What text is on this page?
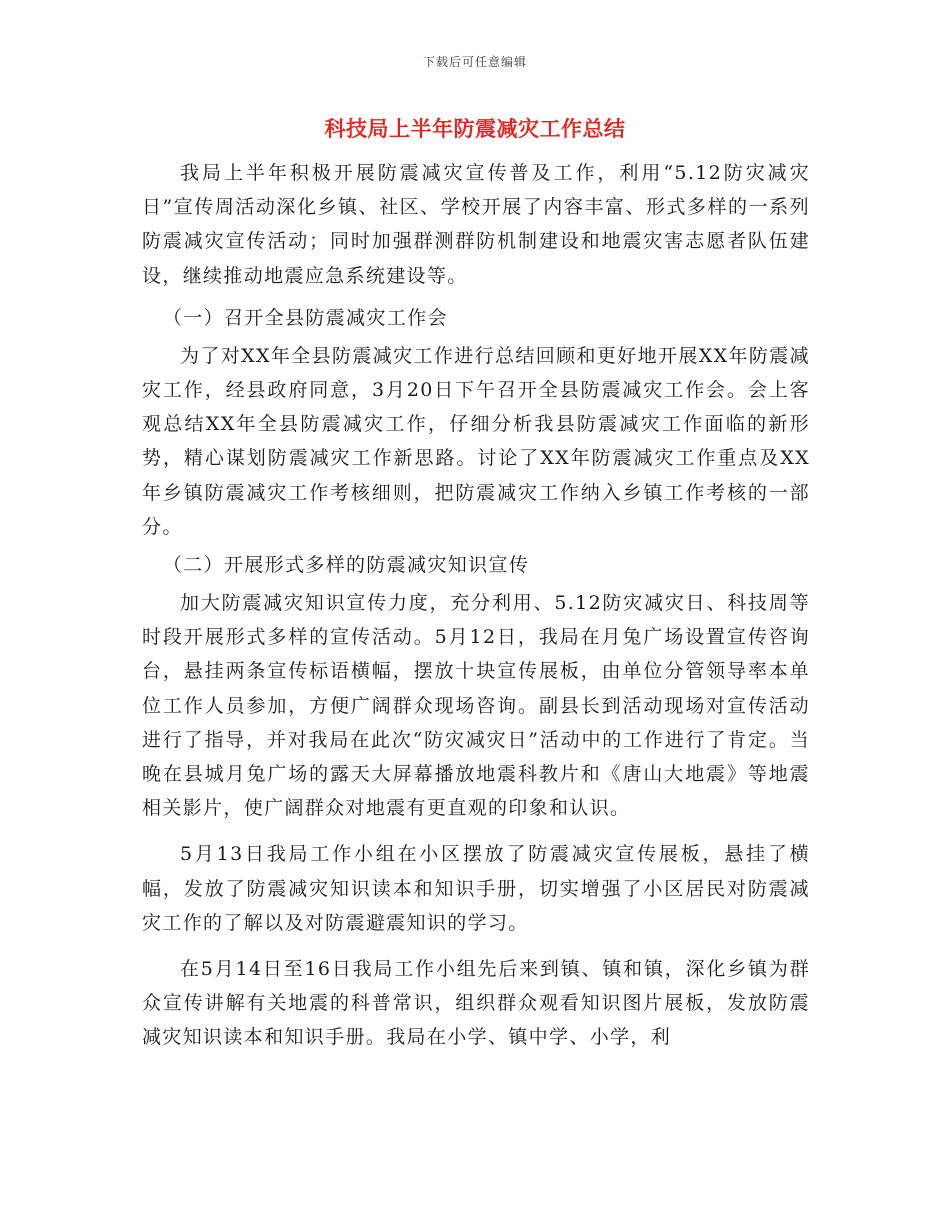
下载后可任意编辑
科技局上半年防震减灾工作总结

我局上半年积极开展防震减灾宣传普及工作，利用“5.12防灾减灾日”宣传周活动深化乡镇、社区、学校开展了内容丰富、形式多样的一系列防震减灾宣传活动；同时加强群测群防机制建设和地震灾害志愿者队伍建设，继续推动地震应急系统建设等。

（一）召开全县防震减灾工作会

为了对XX年全县防震减灾工作进行总结回顾和更好地开展XX年防震减灾工作，经县政府同意，3月20日下午召开全县防震减灾工作会。会上客观总结XX年全县防震减灾工作，仔细分析我县防震减灾工作面临的新形势，精心谋划防震减灾工作新思路。讨论了XX年防震减灾工作重点及XX年乡镇防震减灾工作考核细则，把防震减灾工作纳入乡镇工作考核的一部分。

（二）开展形式多样的防震减灾知识宣传

加大防震减灾知识宣传力度，充分利用、5.12防灾减灾日、科技周等时段开展形式多样的宣传活动。5月12日，我局在月兔广场设置宣传咨询台，悬挂两条宣传标语横幅，摆放十块宣传展板，由单位分管领导率本单位工作人员参加，方便广阔群众现场咨询。副县长到活动现场对宣传活动进行了指导，并对我局在此次“防灾减灾日”活动中的工作进行了肯定。当晚在县城月兔广场的露天大屏幕播放地震科教片和《唐山大地震》等地震相关影片，使广阔群众对地震有更直观的印象和认识。

5月13日我局工作小组在小区摆放了防震减灾宣传展板，悬挂了横幅，发放了防震减灾知识读本和知识手册，切实增强了小区居民对防震减灾工作的了解以及对防震避震知识的学习。

在5月14日至16日我局工作小组先后来到镇、镇和镇，深化乡镇为群众宣传讲解有关地震的科普常识，组织群众观看知识图片展板，发放防震减灾知识读本和知识手册。我局在小学、镇中学、小学，利
